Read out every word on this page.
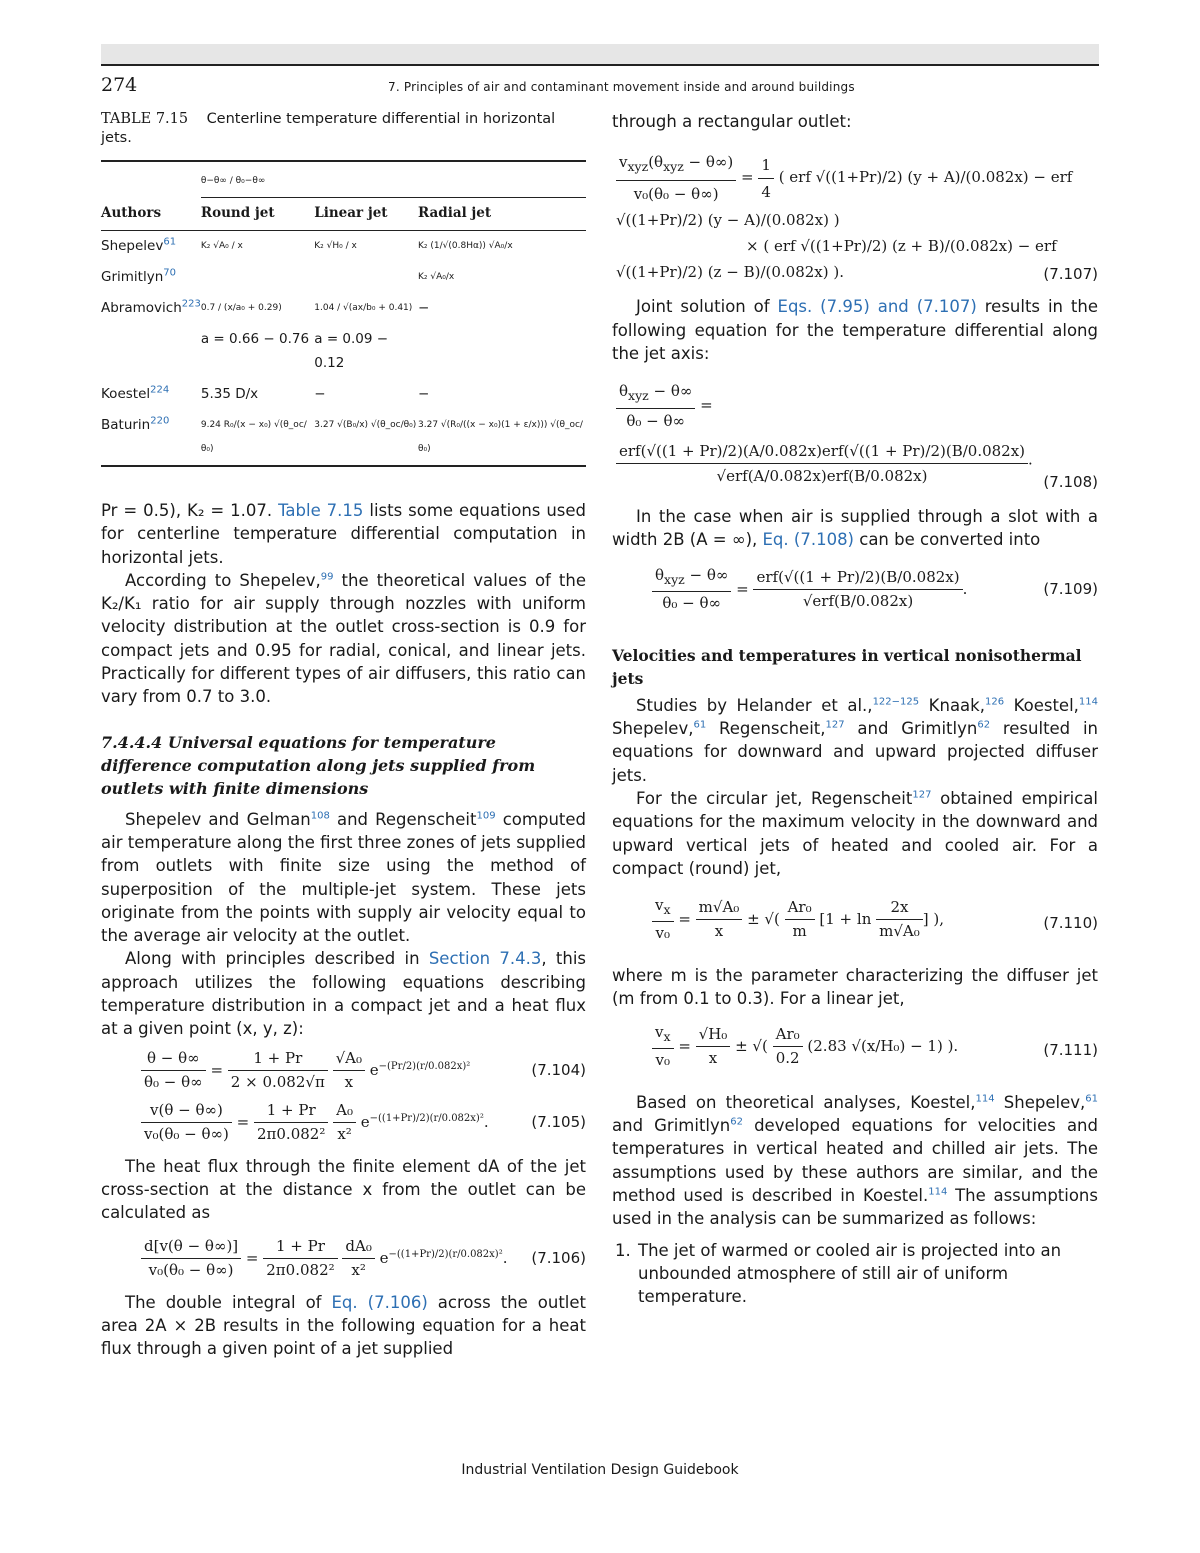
274	7. Principles of air and contaminant movement inside and around buildings
TABLE 7.15 Centerline temperature differential in horizontal jets.
	θ−θ∞ / θ₀−θ∞		
Authors	Round jet	Linear jet	Radial jet
Shepelev$^{61}$	K₂ √A₀ / x	K₂ √H₀ / x	K₂ (1/√(0.8Hα)) √A₀/x
Grimitlyn$^{70}$			K₂ √A₀/x
Abramovich$^{223}$	0.7 / (x/a₀ + 0.29)	1.04 / √(ax/b₀ + 0.41)	−
	a = 0.66 − 0.76	a = 0.09 − 0.12	
Koestel$^{224}$	5.35 D/x	−	−
Baturin$^{220}$	9.24 R₀/(x − x₀) √(θ_oc/θ₀)	3.27 √(B₀/x) √(θ_oc/θ₀)	3.27 √(R₀/((x − x₀)(1 + ε/x))) √(θ_oc/θ₀)

Pr = 0.5), K₂ = 1.07. Table 7.15 lists some equations used for centerline temperature differential computation in horizontal jets.

According to Shepelev,$^{99}$ the theoretical values of the K₂/K₁ ratio for air supply through nozzles with uniform velocity distribution at the outlet cross-section is 0.9 for compact jets and 0.95 for radial, conical, and linear jets. Practically for different types of air diffusers, this ratio can vary from 0.7 to 3.0.

7.4.4.4 Universal equations for temperature difference computation along jets supplied from outlets with finite dimensions

Shepelev and Gelman$^{108}$ and Regenscheit$^{109}$ computed air temperature along the first three zones of jets supplied from outlets with finite size using the method of superposition of the multiple-jet system. These jets originate from the points with supply air velocity equal to the average air velocity at the outlet.

Along with principles described in Section 7.4.3, this approach utilizes the following equations describing temperature distribution in a compact jet and a heat flux at a given point (x, y, z):

$\frac{\theta - \theta\infty}{\text{θ₀ − θ∞}} = \frac{1 + Pr}{2 \times 0.082√\pi}$
$\frac{\text{√A₀}}{x} e^{-(Pr/2)(r/0.082x)^2}$	(7.104)
$\frac{v(\theta - \theta\infty)}{\text{v₀(θ₀ − θ∞)}} = \frac{1 + Pr}{\text{2π0.082²}}$
$\frac{\text{A₀}}{\text{x²}} e^{-((1+Pr)/2)(r/0.082x)^2}$.	(7.105)

The heat flux through the finite element dA of the jet cross-section at the distance x from the outlet can be calculated as

$\frac{d[v(\theta - \theta\infty)]}{\text{v₀(θ₀ − θ∞)}} = \frac{1 + Pr}{\text{2π0.082²}}$
$\frac{\text{dA₀}}{\text{x²}} e^{-((1+Pr)/2)(r/0.082x)^2}$. (7.106)

The double integral of Eq. (7.106) across the outlet area 2A × 2B results in the following equation for a heat flux through a given point of a jet supplied

through a rectangular outlet:

$\frac{v_{xyz}(\theta_{xyz} - \theta\infty)}{\text{v₀(θ₀ − θ∞)}} = \frac{1}{4}$ ( erf √((1+Pr)/2) (y + A)/(0.082x) − erf √((1+Pr)/2) (y − A)/(0.082x) )
× ( erf √((1+Pr)/2) (z + B)/(0.082x) − erf √((1+Pr)/2) (z − B)/(0.082x) ).	(7.107)

Joint solution of Eqs. (7.95) and (7.107) results in the following equation for the temperature differential along the jet axis:

$\frac{\theta_{xyz} - \theta\infty}{\text{θ₀ − θ∞}}$ =

$\frac{\text{erf(√((1 + Pr)/2)(A/0.082x)erf(√((1 + Pr)/2)(B/0.082x)}}{\text{√erf(A/0.082x)erf(B/0.082x)}}$ .
(7.108)

In the case when air is supplied through a slot with a width 2B (A = ∞), Eq. (7.108) can be converted into

$\frac{\theta_{xyz} - \theta\infty}{\text{θ₀ − θ∞}} = \frac{\text{erf(√((1 + Pr)/2)(B/0.082x)}}{\text{√erf(B/0.082x)}}$ .	(7.109)
Velocities and temperatures in vertical nonisothermal jets

Studies by Helander et al.,$^{122-125}$ Knaak,$^{126}$ Koestel,$^{114}$ Shepelev,$^{61}$ Regenscheit,$^{127}$ and Grimitlyn$^{62}$ resulted in equations for downward and upward projected diffuser jets.

For the circular jet, Regenscheit$^{127}$ obtained empirical equations for the maximum velocity in the downward and upward vertical jets of heated and cooled air. For a compact (round) jet,

$\frac{v_x}{\text{v₀}} = \frac{\text{m√A₀}}{x}$ ± √( $\frac{\text{Ar₀}}{m} [1 + \ln \frac{2x}{\text{m√A₀}}$ ] ),	(7.110)

where m is the parameter characterizing the diffuser jet (m from 0.1 to 0.3). For a linear jet,

$\frac{v_x}{\text{v₀}} = \frac{\text{√H₀}}{x}$ ± √( $\frac{\text{Ar₀}}{0.2} (2.83$ √(x/H₀) − 1) ).	(7.111)

Based on theoretical analyses, Koestel,$^{114}$ Shepelev,$^{61}$ and Grimitlyn$^{62}$ developed equations for velocities and temperatures in vertical heated and chilled air jets. The assumptions used by these authors are similar, and the method used is described in Koestel.$^{114}$ The assumptions used in the analysis can be summarized as follows:

1. The jet of warmed or cooled air is projected into an unbounded atmosphere of still air of uniform temperature.
Industrial Ventilation Design Guidebook
